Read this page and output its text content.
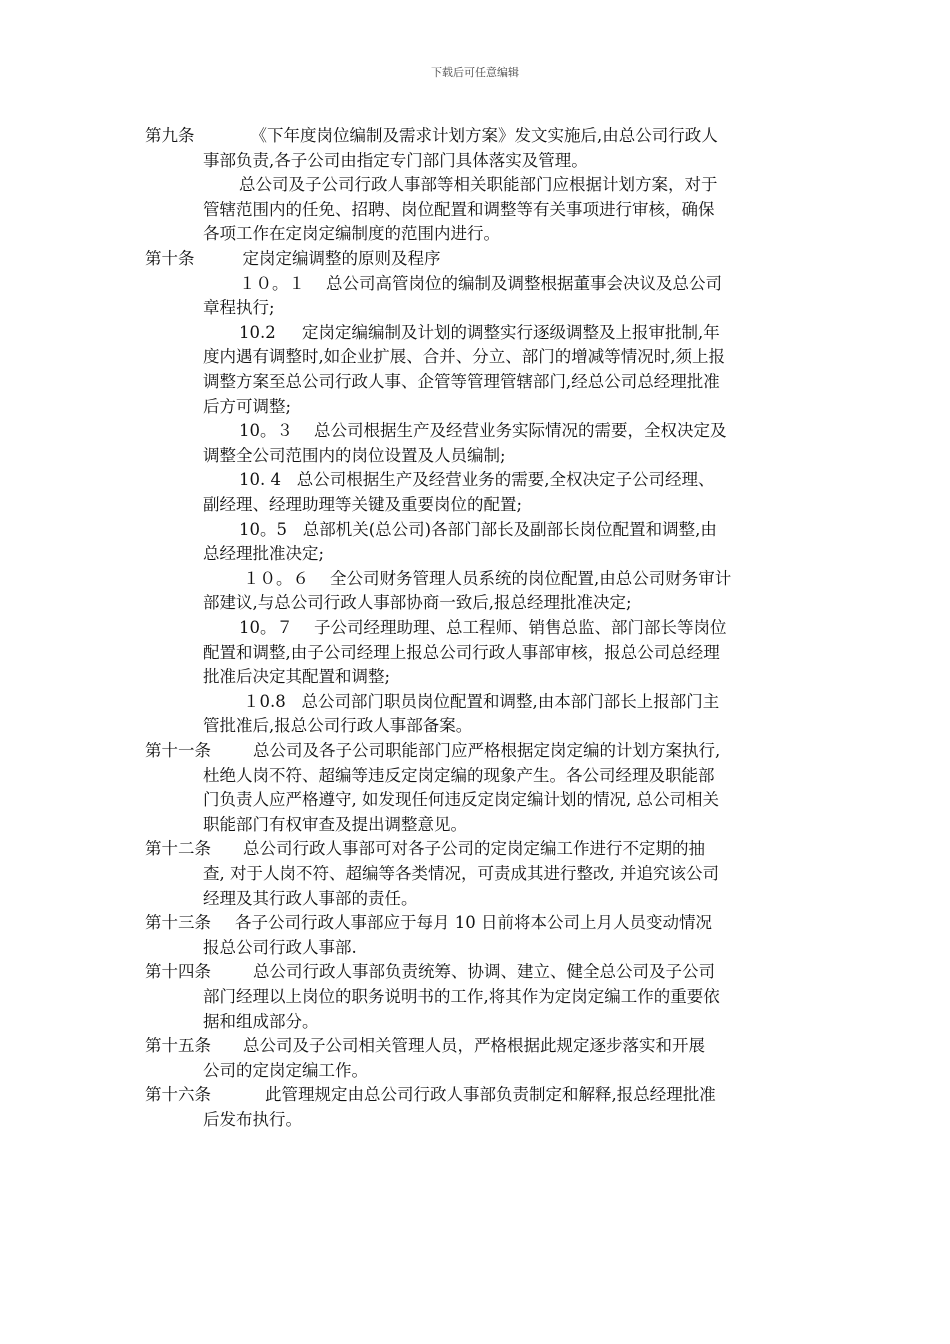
下载后可任意编辑
第九条	《下年度岗位编制及需求计划方案》发文实施后,由总公司行政人
事部负责,各子公司由指定专门部门具体落实及管理。
总公司及子公司行政人事部等相关职能部门应根据计划方案，对于
管辖范围内的任免、招聘、岗位配置和调整等有关事项进行审核，确保
各项工作在定岗定编制度的范围内进行。
第十条	定岗定编调整的原则及程序
１０。１    总公司高管岗位的编制及调整根据董事会决议及总公司
章程执行;
10.2     定岗定编编制及计划的调整实行逐级调整及上报审批制,年
度内遇有调整时,如企业扩展、合并、分立、部门的增减等情况时,须上报
调整方案至总公司行政人事、企管等管理管辖部门,经总公司总经理批准
后方可调整;
10。３    总公司根据生产及经营业务实际情况的需要，全权决定及
调整全公司范围内的岗位设置及人员编制;
10. 4   总公司根据生产及经营业务的需要,全权决定子公司经理、
副经理、经理助理等关键及重要岗位的配置;
10。5   总部机关(总公司)各部门部长及副部长岗位配置和调整,由
总经理批准决定;
１０。６    全公司财务管理人员系统的岗位配置,由总公司财务审计
部建议,与总公司行政人事部协商一致后,报总经理批准决定;
10。７    子公司经理助理、总工程师、销售总监、部门部长等岗位
配置和调整,由子公司经理上报总公司行政人事部审核，报总公司总经理
批准后决定其配置和调整;
１0.8   总公司部门职员岗位配置和调整,由本部门部长上报部门主
管批准后,报总公司行政人事部备案。
第十一条	总公司及各子公司职能部门应严格根据定岗定编的计划方案执行,
杜绝人岗不符、超编等违反定岗定编的现象产生。各公司经理及职能部
门负责人应严格遵守, 如发现任何违反定岗定编计划的情况, 总公司相关
职能部门有权审查及提出调整意见。
第十二条 总公司行政人事部可对各子公司的定岗定编工作进行不定期的抽
查, 对于人岗不符、超编等各类情况，可责成其进行整改, 并追究该公司
经理及其行政人事部的责任。
第十三条 各子公司行政人事部应于每月 10 日前将本公司上月人员变动情况
报总公司行政人事部.
第十四条	总公司行政人事部负责统筹、协调、建立、健全总公司及子公司
部门经理以上岗位的职务说明书的工作,将其作为定岗定编工作的重要依
据和组成部分。
第十五条 总公司及子公司相关管理人员，严格根据此规定逐步落实和开展
公司的定岗定编工作。
第十六条	此管理规定由总公司行政人事部负责制定和解释,报总经理批准
后发布执行。
